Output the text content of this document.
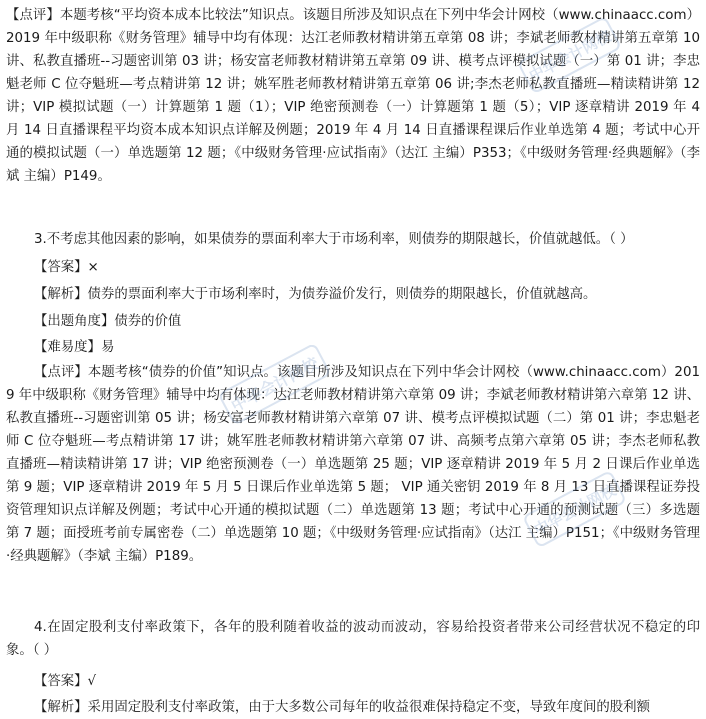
【点评】本题考核“平均资本成本比较法”知识点。该题目所涉及知识点在下列中华会计网校（www.chinaacc.com）2019 年中级职称《财务管理》辅导中均有体现：达江老师教材精讲第五章第 08 讲；李斌老师教材精讲第五章第 10 讲、私教直播班--习题密训第 03 讲；杨安富老师教材精讲第五章第 09 讲、模考点评模拟试题（一）第 01 讲；李忠魁老师 C 位夺魁班—考点精讲第 12 讲；姚军胜老师教材精讲第五章第 06 讲;李杰老师私教直播班—精读精讲第 12 讲；VIP 模拟试题（一）计算题第 1 题（1）；VIP 绝密预测卷（一）计算题第 1 题（5）；VIP 逐章精讲 2019 年 4 月 14 日直播课程平均资本成本知识点详解及例题；2019 年 4 月 14 日直播课程课后作业单选第 4 题；考试中心开通的模拟试题（一）单选题第 12 题；《中级财务管理·应试指南》（达江 主编）P353；《中级财务管理·经典题解》（李斌 主编）P149。
3.不考虑其他因素的影响，如果债券的票面利率大于市场利率，则债券的期限越长，价值就越低。（ ）
【答案】×
【解析】债券的票面利率大于市场利率时，为债券溢价发行，则债券的期限越长，价值就越高。
【出题角度】债券的价值
【难易度】易
【点评】本题考核“债券的价值”知识点。该题目所涉及知识点在下列中华会计网校（www.chinaacc.com）2019 年中级职称《财务管理》辅导中均有体现：达江老师教材精讲第六章第 09 讲；李斌老师教材精讲第六章第 12 讲、私教直播班--习题密训第 05 讲；杨安富老师教材精讲第六章第 07 讲、模考点评模拟试题（二）第 01 讲；李忠魁老师 C 位夺魁班—考点精讲第 17 讲；姚军胜老师教材精讲第六章第 07 讲、高频考点第六章第 05 讲；李杰老师私教直播班—精读精讲第 17 讲；VIP 绝密预测卷（一）单选题第 25 题；VIP 逐章精讲 2019 年 5 月 2 日课后作业单选第 9 题；VIP 逐章精讲 2019 年 5 月 5 日课后作业单选第 5 题； VIP 通关密钥 2019 年 8 月 13 日直播课程证券投资管理知识点详解及例题；考试中心开通的模拟试题（二）单选题第 13 题；考试中心开通的预测试题（三）多选题第 7 题；面授班考前专属密卷（二）单选题第 10 题；《中级财务管理·应试指南》（达江 主编）P151；《中级财务管理·经典题解》（李斌 主编）P189。
4.在固定股利支付率政策下，各年的股利随着收益的波动而波动，容易给投资者带来公司经营状况不稳定的印象。（ ）
【答案】√
【解析】采用固定股利支付率政策，由于大多数公司每年的收益很难保持稳定不变，导致年度间的股利额
中华会计网校
中华会计网校
中华会计网校
